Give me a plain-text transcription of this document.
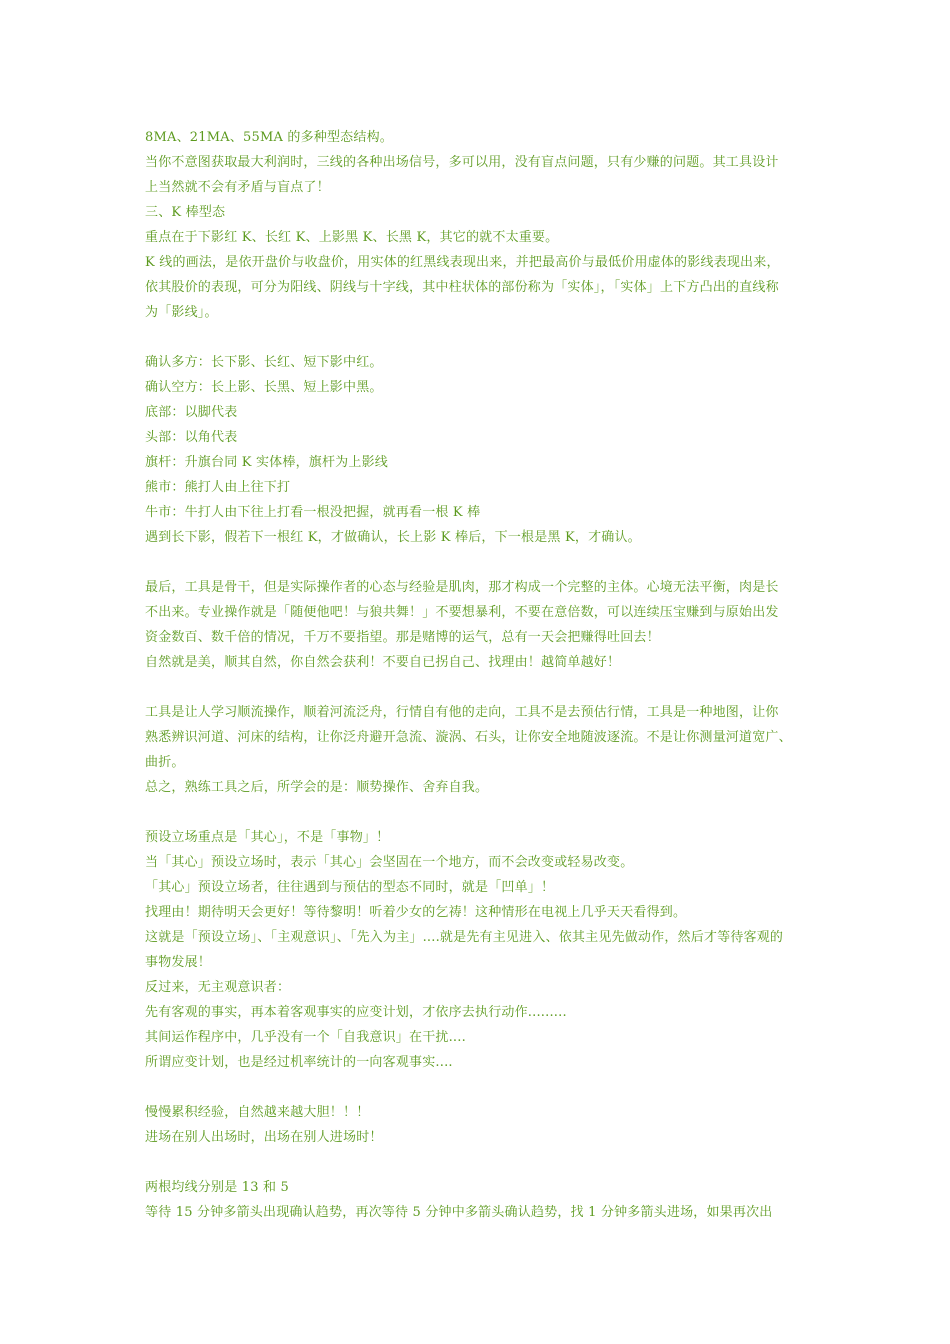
8MA、21MA、55MA 的多种型态结构。
当你不意图获取最大利润时，三线的各种出场信号，多可以用，没有盲点问题，只有少赚的问题。其工具设计
上当然就不会有矛盾与盲点了！
三、K 棒型态
重点在于下影红 K、长红 K、上影黑 K、长黑 K，其它的就不太重要。
K 线的画法，是依开盘价与收盘价，用实体的红黑线表现出来，并把最高价与最低价用虚体的影线表现出来，
依其股价的表现，可分为阳线、阴线与十字线，其中柱状体的部份称为「实体」，「实体」上下方凸出的直线称
为「影线」。
确认多方：长下影、长红、短下影中红。
确认空方：长上影、长黑、短上影中黑。
底部：以脚代表
头部：以角代表
旗杆：升旗台同 K 实体棒，旗杆为上影线
熊市：熊打人由上往下打
牛市：牛打人由下往上打看一根没把握，就再看一根 K 棒
遇到长下影，假若下一根红 K，才做确认，长上影 K 棒后，下一根是黑 K，才确认。
最后，工具是骨干，但是实际操作者的心态与经验是肌肉，那才构成一个完整的主体。心境无法平衡，肉是长
不出来。专业操作就是「随便他吧！与狼共舞！」不要想暴利，不要在意倍数，可以连续压宝赚到与原始出发
资金数百、数千倍的情况，千万不要指望。那是赌博的运气，总有一天会把赚得吐回去！
自然就是美，顺其自然，你自然会获利！不要自已拐自己、找理由！越简单越好！
工具是让人学习顺流操作，顺着河流泛舟，行情自有他的走向，工具不是去预估行情，工具是一种地图，让你
熟悉辨识河道、河床的结构，让你泛舟避开急流、漩涡、石头，让你安全地随波逐流。不是让你测量河道宽广、
曲折。
总之，熟练工具之后，所学会的是：顺势操作、舍弃自我。
预设立场重点是「其心」，不是「事物」！
当「其心」预设立场时，表示「其心」会坚固在一个地方，而不会改变或轻易改变。
「其心」预设立场者，往往遇到与预估的型态不同时，就是「凹单」！
找理由！期待明天会更好！等待黎明！听着少女的乞祷！这种情形在电视上几乎天天看得到。
这就是「预设立场」、「主观意识」、「先入为主」....就是先有主见进入、依其主见先做动作，然后才等待客观的
事物发展！
反过来，无主观意识者：
先有客观的事实，再本着客观事实的应变计划，才依序去执行动作.........
其间运作程序中，几乎没有一个「自我意识」在干扰....
所谓应变计划，也是经过机率统计的一向客观事实....
慢慢累积经验，自然越来越大胆！！！
进场在别人出场时，出场在别人进场时！
两根均线分别是 13 和 5
等待 15 分钟多箭头出现确认趋势，再次等待 5 分钟中多箭头确认趋势，找 1 分钟多箭头进场，如果再次出
